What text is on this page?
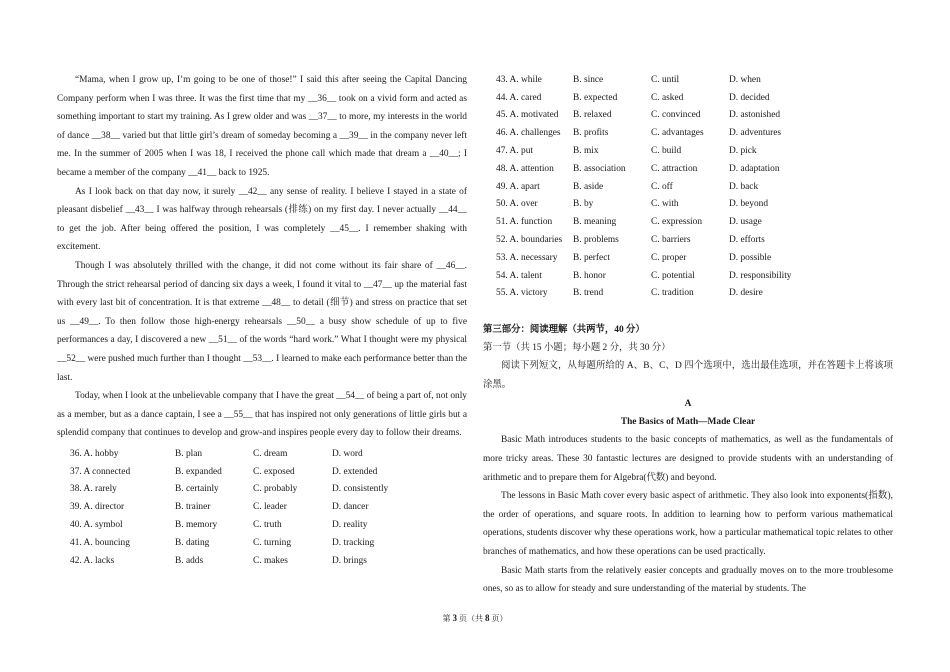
“Mama, when I grow up, I’m going to be one of those!” I said this after seeing the Capital Dancing Company perform when I was three. It was the first time that my __36__ took on a vivid form and acted as something important to start my training. As I grew older and was __37__ to more, my interests in the world of dance __38__ varied but that little girl’s dream of someday becoming a __39__ in the company never left me. In the summer of 2005 when I was 18, I received the phone call which made that dream a __40__; I became a member of the company __41__ back to 1925.

As I look back on that day now, it surely __42__ any sense of reality. I believe I stayed in a state of pleasant disbelief __43__ I was halfway through rehearsals (排练) on my first day. I never actually __44__ to get the job. After being offered the position, I was completely __45__. I remember shaking with excitement.

Though I was absolutely thrilled with the change, it did not come without its fair share of __46__. Through the strict rehearsal period of dancing six days a week, I found it vital to __47__ up the material fast with every last bit of concentration. It is that extreme __48__ to detail (细节) and stress on practice that set us __49__. To then follow those high-energy rehearsals __50__ a busy show schedule of up to five performances a day, I discovered a new __51__ of the words “hard work.” What I thought were my physical __52__ were pushed much further than I thought __53__. I learned to make each performance better than the last.

Today, when I look at the unbelievable company that I have the great __54__ of being a part of, not only as a member, but as a dance captain, I see a __55__ that has inspired not only generations of little girls but a splendid company that continues to develop and grow-and inspires people every day to follow their dreams.

36. A. hobby	B. plan	C. dream	D. word
37. A connected	B. expanded	C. exposed	D. extended
38. A. rarely	B. certainly	C. probably	D. consistently
39. A. director	B. trainer	C. leader	D. dancer
40. A. symbol	B. memory	C. truth	D. reality
41. A. bouncing	B. dating	C. turning	D. tracking
42. A. lacks	B. adds	C. makes	D. brings
43. A. while	B. since	C. until	D. when
44. A. cared	B. expected	C. asked	D. decided
45. A. motivated	B. relaxed	C. convinced	D. astonished
46. A. challenges	B. profits	C. advantages	D. adventures
47. A. put	B. mix	C. build	D. pick
48. A. attention	B. association	C. attraction	D. adaptation
49. A. apart	B. aside	C. off	D. back
50. A. over	B. by	C. with	D. beyond
51. A. function	B. meaning	C. expression	D. usage
52. A. boundaries	B. problems	C. barriers	D. efforts
53. A. necessary	B. perfect	C. proper	D. possible
54. A. talent	B. honor	C. potential	D. responsibility
55. A. victory	B. trend	C. tradition	D. desire
第三部分：阅读理解（共两节，40 分）
第一节（共 15 小题；每小题 2 分，共 30 分）

阅读下列短文，从每题所给的 A、B、C、D 四个选项中，选出最佳选项，并在答题卡上将该项涂黑。

A
The Basics of Math—Made Clear

Basic Math introduces students to the basic concepts of mathematics, as well as the fundamentals of more tricky areas. These 30 fantastic lectures are designed to provide students with an understanding of arithmetic and to prepare them for Algebra(代数) and beyond.

The lessons in Basic Math cover every basic aspect of arithmetic. They also look into exponents(指数), the order of operations, and square roots. In addition to learning how to perform various mathematical operations, students discover why these operations work, how a particular mathematical topic relates to other branches of mathematics, and how these operations can be used practically.

Basic Math starts from the relatively easier concepts and gradually moves on to the more troublesome ones, so as to allow for steady and sure understanding of the material by students. The

第 3 页（共 8 页）
